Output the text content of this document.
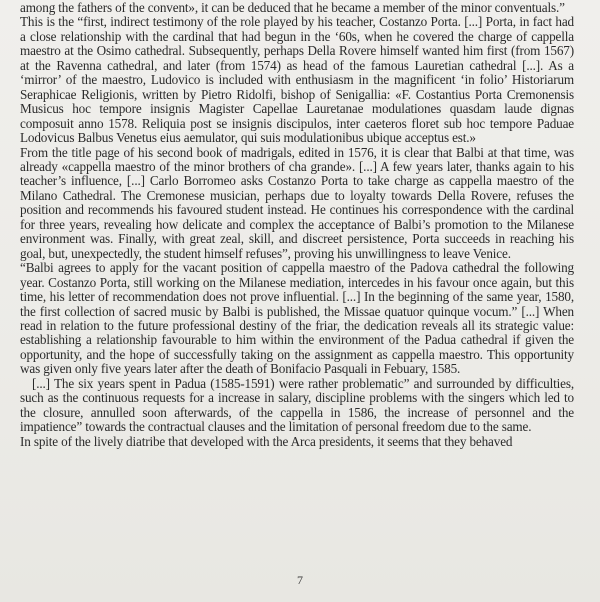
among the fathers of the convent», it can be deduced that he became a member of the minor conventuals.”

This is the “first, indirect testimony of the role played by his teacher, Costanzo Porta. [...] Porta, in fact had a close relationship with the cardinal that had begun in the ‘60s, when he covered the charge of cappella maestro at the Osimo cathedral. Subsequently, perhaps Della Rovere himself wanted him first (from 1567) at the Ravenna cathedral, and later (from 1574) as head of the famous Lauretian cathedral [...]. As a ‘mirror’ of the maestro, Ludovico is included with enthusiasm in the magnificent ‘in folio’ Historiarum Seraphicae Religionis, written by Pietro Ridolfi, bishop of Senigallia: «F. Costantius Porta Cremonensis Musicus hoc tempore insignis Magister Capellae Lauretanae modulationes quasdam laude dignas composuit anno 1578. Reliquia post se insignis discipulos, inter caeteros floret sub hoc tempore Paduae Lodovicus Balbus Venetus eius aemulator, qui suis modulationibus ubique acceptus est.»

From the title page of his second book of madrigals, edited in 1576, it is clear that Balbi at that time, was already «cappella maestro of the minor brothers of cha grande». [...] A few years later, thanks again to his teacher’s influence, [...] Carlo Borromeo asks Costanzo Porta to take charge as cappella maestro of the Milano Cathedral. The Cremonese musician, perhaps due to loyalty towards Della Rovere, refuses the position and recommends his favoured student instead. He continues his correspondence with the cardinal for three years, revealing how delicate and complex the acceptance of Balbi’s promotion to the Milanese environment was. Finally, with great zeal, skill, and discreet persistence, Porta succeeds in reaching his goal, but, unexpectedly, the student himself refuses”, proving his unwillingness to leave Venice.

“Balbi agrees to apply for the vacant position of cappella maestro of the Padova cathedral the following year. Costanzo Porta, still working on the Milanese mediation, intercedes in his favour once again, but this time, his letter of recommendation does not prove influential. [...] In the beginning of the same year, 1580, the first collection of sacred music by Balbi is published, the Missae quatuor quinque vocum.” [...] When read in relation to the future professional destiny of the friar, the dedication reveals all its strategic value: establishing a relationship favourable to him within the environment of the Padua cathedral if given the opportunity, and the hope of successfully taking on the assignment as cappella maestro. This opportunity was given only five years later after the death of Bonifacio Pasquali in Febuary, 1585.

[...] The six years spent in Padua (1585-1591) were rather problematic” and surrounded by difficulties, such as the continuous requests for a increase in salary, discipline problems with the singers which led to the closure, annulled soon afterwards, of the cappella in 1586, the increase of personnel and the impatience” towards the contractual clauses and the limitation of personal freedom due to the same.

In spite of the lively diatribe that developed with the Arca presidents, it seems that they behaved

7
